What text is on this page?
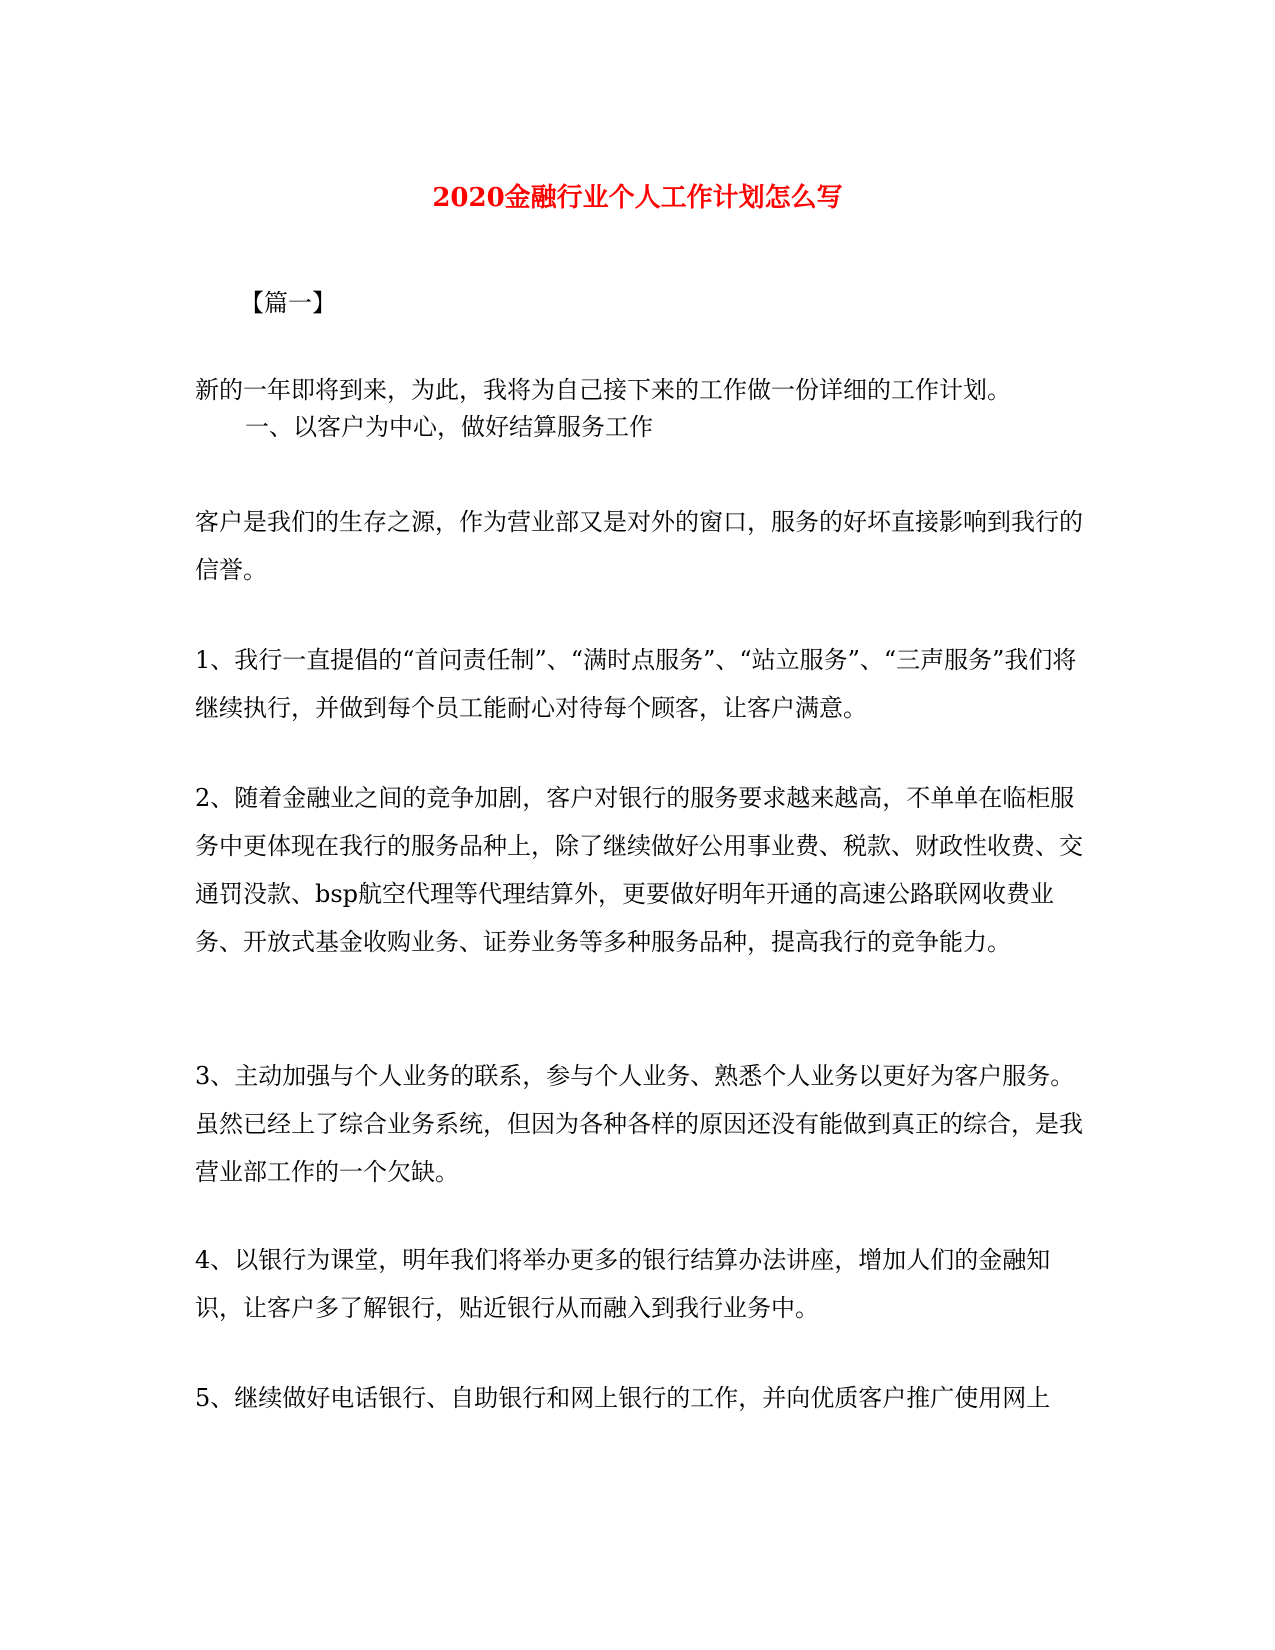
2020金融行业个人工作计划怎么写
【篇一】
新的一年即将到来，为此，我将为自己接下来的工作做一份详细的工作计划。
一、以客户为中心，做好结算服务工作
客户是我们的生存之源，作为营业部又是对外的窗口，服务的好坏直接影响到我行的信誉。
1、我行一直提倡的“首问责任制”、“满时点服务”、“站立服务”、“三声服务”我们将继续执行，并做到每个员工能耐心对待每个顾客，让客户满意。
2、随着金融业之间的竞争加剧，客户对银行的服务要求越来越高，不单单在临柜服务中更体现在我行的服务品种上，除了继续做好公用事业费、税款、财政性收费、交通罚没款、bsp航空代理等代理结算外，更要做好明年开通的高速公路联网收费业务、开放式基金收购业务、证券业务等多种服务品种，提高我行的竞争能力。
3、主动加强与个人业务的联系，参与个人业务、熟悉个人业务以更好为客户服务。虽然已经上了综合业务系统，但因为各种各样的原因还没有能做到真正的综合，是我营业部工作的一个欠缺。
4、以银行为课堂，明年我们将举办更多的银行结算办法讲座，增加人们的金融知识，让客户多了解银行，贴近银行从而融入到我行业务中。
5、继续做好电话银行、自助银行和网上银行的工作，并向优质客户推广使用网上
